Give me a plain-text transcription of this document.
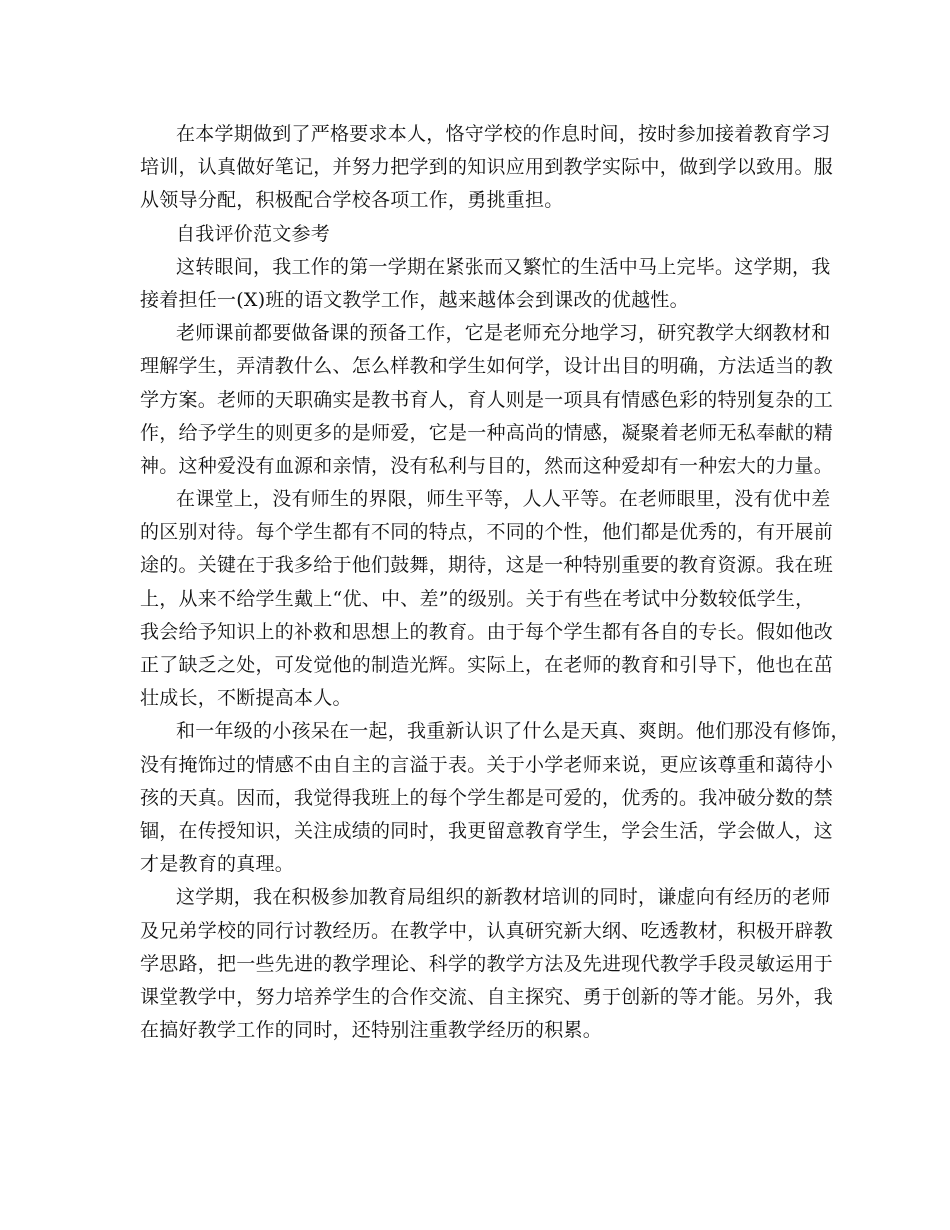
在本学期做到了严格要求本人，恪守学校的作息时间，按时参加接着教育学习
培训，认真做好笔记，并努力把学到的知识应用到教学实际中，做到学以致用。服
从领导分配，积极配合学校各项工作，勇挑重担。
自我评价范文参考
这转眼间，我工作的第一学期在紧张而又繁忙的生活中马上完毕。这学期，我
接着担任一(X)班的语文教学工作，越来越体会到课改的优越性。
老师课前都要做备课的预备工作，它是老师充分地学习，研究教学大纲教材和
理解学生，弄清教什么、怎么样教和学生如何学，设计出目的明确，方法适当的教
学方案。老师的天职确实是教书育人，育人则是一项具有情感色彩的特别复杂的工
作，给予学生的则更多的是师爱，它是一种高尚的情感，凝聚着老师无私奉献的精
神。这种爱没有血源和亲情，没有私利与目的，然而这种爱却有一种宏大的力量。
在课堂上，没有师生的界限，师生平等，人人平等。在老师眼里，没有优中差
的区别对待。每个学生都有不同的特点，不同的个性，他们都是优秀的，有开展前
途的。关键在于我多给于他们鼓舞，期待，这是一种特别重要的教育资源。我在班
上，从来不给学生戴上“优、中、差”的级别。关于有些在考试中分数较低学生，
我会给予知识上的补救和思想上的教育。由于每个学生都有各自的专长。假如他改
正了缺乏之处，可发觉他的制造光辉。实际上，在老师的教育和引导下，他也在茁
壮成长，不断提高本人。
和一年级的小孩呆在一起，我重新认识了什么是天真、爽朗。他们那没有修饰，
没有掩饰过的情感不由自主的言溢于表。关于小学老师来说，更应该尊重和蔼待小
孩的天真。因而，我觉得我班上的每个学生都是可爱的，优秀的。我冲破分数的禁
锢，在传授知识，关注成绩的同时，我更留意教育学生，学会生活，学会做人，这
才是教育的真理。
这学期，我在积极参加教育局组织的新教材培训的同时，谦虚向有经历的老师
及兄弟学校的同行讨教经历。在教学中，认真研究新大纲、吃透教材，积极开辟教
学思路，把一些先进的教学理论、科学的教学方法及先进现代教学手段灵敏运用于
课堂教学中，努力培养学生的合作交流、自主探究、勇于创新的等才能。另外，我
在搞好教学工作的同时，还特别注重教学经历的积累。
